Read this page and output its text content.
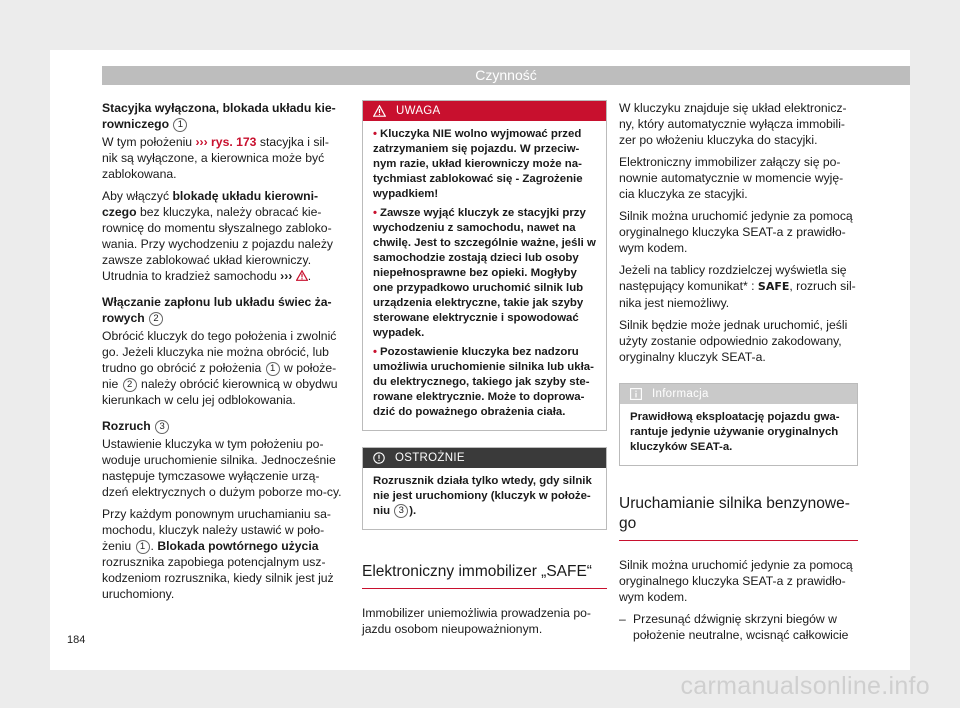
Czynność

Stacyjka wyłączona, blokada układu kie-rowniczego 1

W tym położeniu ››› rys. 173 stacyjka i sil-nik są wyłączone, a kierownica może być zablokowana.

Aby włączyć blokadę układu kierowni-czego bez kluczyka, należy obracać kie-rownicę do momentu słyszalnego zabloko-wania. Przy wychodzeniu z pojazdu należy zawsze zablokować układ kierowniczy. Utrudnia to kradzież samochodu ››› .

Włączanie zapłonu lub układu świec ża-rowych 2

Obrócić kluczyk do tego położenia i zwolnić go. Jeżeli kluczyka nie można obrócić, lub trudno go obrócić z położenia 1 w położe-nie 2 należy obrócić kierownicą w obydwu kierunkach w celu jej odblokowania.

Rozruch 3

Ustawienie kluczyka w tym położeniu po-woduje uruchomienie silnika. Jednocześnie następuje tymczasowe wyłączenie urzą-dzeń elektrycznych o dużym poborze mo-cy.

Przy każdym ponownym uruchamianiu sa-mochodu, kluczyk należy ustawić w poło-żeniu 1 . Blokada powtórnego użycia rozrusznika zapobiega potencjalnym usz-kodzeniom rozrusznika, kiedy silnik jest już uruchomiony.

UWAGA

• Kluczyka NIE wolno wyjmować przed zatrzymaniem się pojazdu. W przeciw-nym razie, układ kierowniczy może na-tychmiast zablokować się - Zagrożenie wypadkiem!

• Zawsze wyjąć kluczyk ze stacyjki przy wychodzeniu z samochodu, nawet na chwilę. Jest to szczególnie ważne, jeśli w samochodzie zostają dzieci lub osoby niepełnosprawne bez opieki. Mogłyby one przypadkowo uruchomić silnik lub urządzenia elektryczne, takie jak szyby sterowane elektrycznie i spowodować wypadek.

• Pozostawienie kluczyka bez nadzoru umożliwia uruchomienie silnika lub ukła-du elektrycznego, takiego jak szyby ste-rowane elektrycznie. Może to doprowa-dzić do poważnego obrażenia ciała.

OSTROŻNIE

Rozrusznik działa tylko wtedy, gdy silnik nie jest uruchomiony (kluczyk w położe-niu 3 ).

Elektroniczny immobilizer „SAFE“

Immobilizer uniemożliwia prowadzenia po-jazdu osobom nieupoważnionym.

W kluczyku znajduje się układ elektronicz-ny, który automatycznie wyłącza immobili-zer po włożeniu kluczyka do stacyjki.

Elektroniczny immobilizer załączy się po-nownie automatycznie w momencie wyję-cia kluczyka ze stacyjki.

Silnik można uruchomić jedynie za pomocą oryginalnego kluczyka SEAT-a z prawidło-wym kodem.

Jeżeli na tablicy rozdzielczej wyświetla się następujący komunikat* : SAFE, rozruch sil-nika jest niemożliwy.

Silnik będzie może jednak uruchomić, jeśli użyty zostanie odpowiednio zakodowany, oryginalny kluczyk SEAT-a.

Informacja

Prawidłową eksploatację pojazdu gwa-rantuje jedynie używanie oryginalnych kluczyków SEAT-a.

Uruchamianie silnika benzynowe-go

Silnik można uruchomić jedynie za pomocą oryginalnego kluczyka SEAT-a z prawidło-wym kodem.

– Przesunąć dźwignię skrzyni biegów w położenie neutralne, wcisnąć całkowicie
184
carmanualsonline.info
